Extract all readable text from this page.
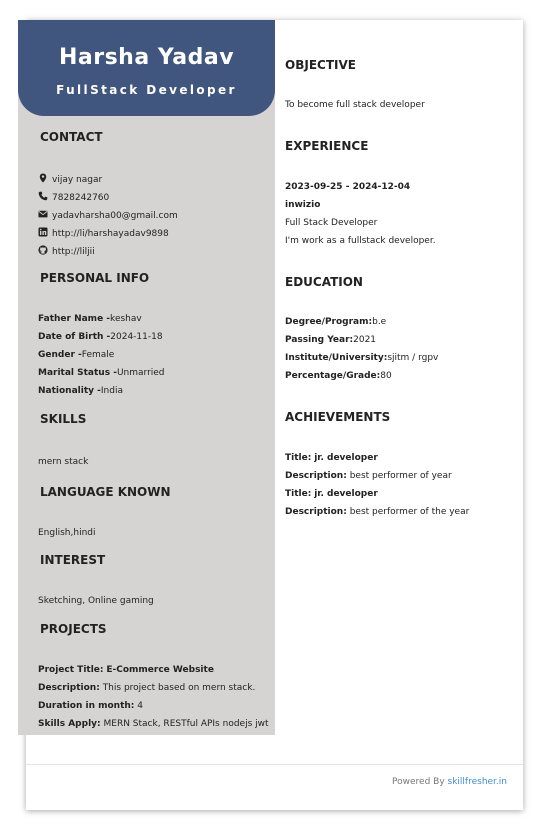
Harsha Yadav
FullStack Developer
CONTACT
vijay nagar
7828242760
yadavharsha00@gmail.com
http://li/harshayadav9898
http://liljii
PERSONAL INFO
Father Name -keshav
Date of Birth -2024-11-18
Gender -Female
Marital Status -Unmarried
Nationality -India
SKILLS
mern stack
LANGUAGE KNOWN
English,hindi
INTEREST
Sketching, Online gaming
PROJECTS
Project Title: E-Commerce Website
Description: This project based on mern stack.
Duration in month: 4
Skills Apply: MERN Stack, RESTful APIs nodejs jwt
OBJECTIVE
To become full stack developer
EXPERIENCE
2023-09-25 - 2024-12-04
inwizio
Full Stack Developer
I'm work as a fullstack developer.
EDUCATION
Degree/Program:b.e
Passing Year:2021
Institute/University:sjitm / rgpv
Percentage/Grade:80
ACHIEVEMENTS
Title: jr. developer
Description: best performer of year
Title: jr. developer
Description: best performer of the year
Powered By skillfresher.in
